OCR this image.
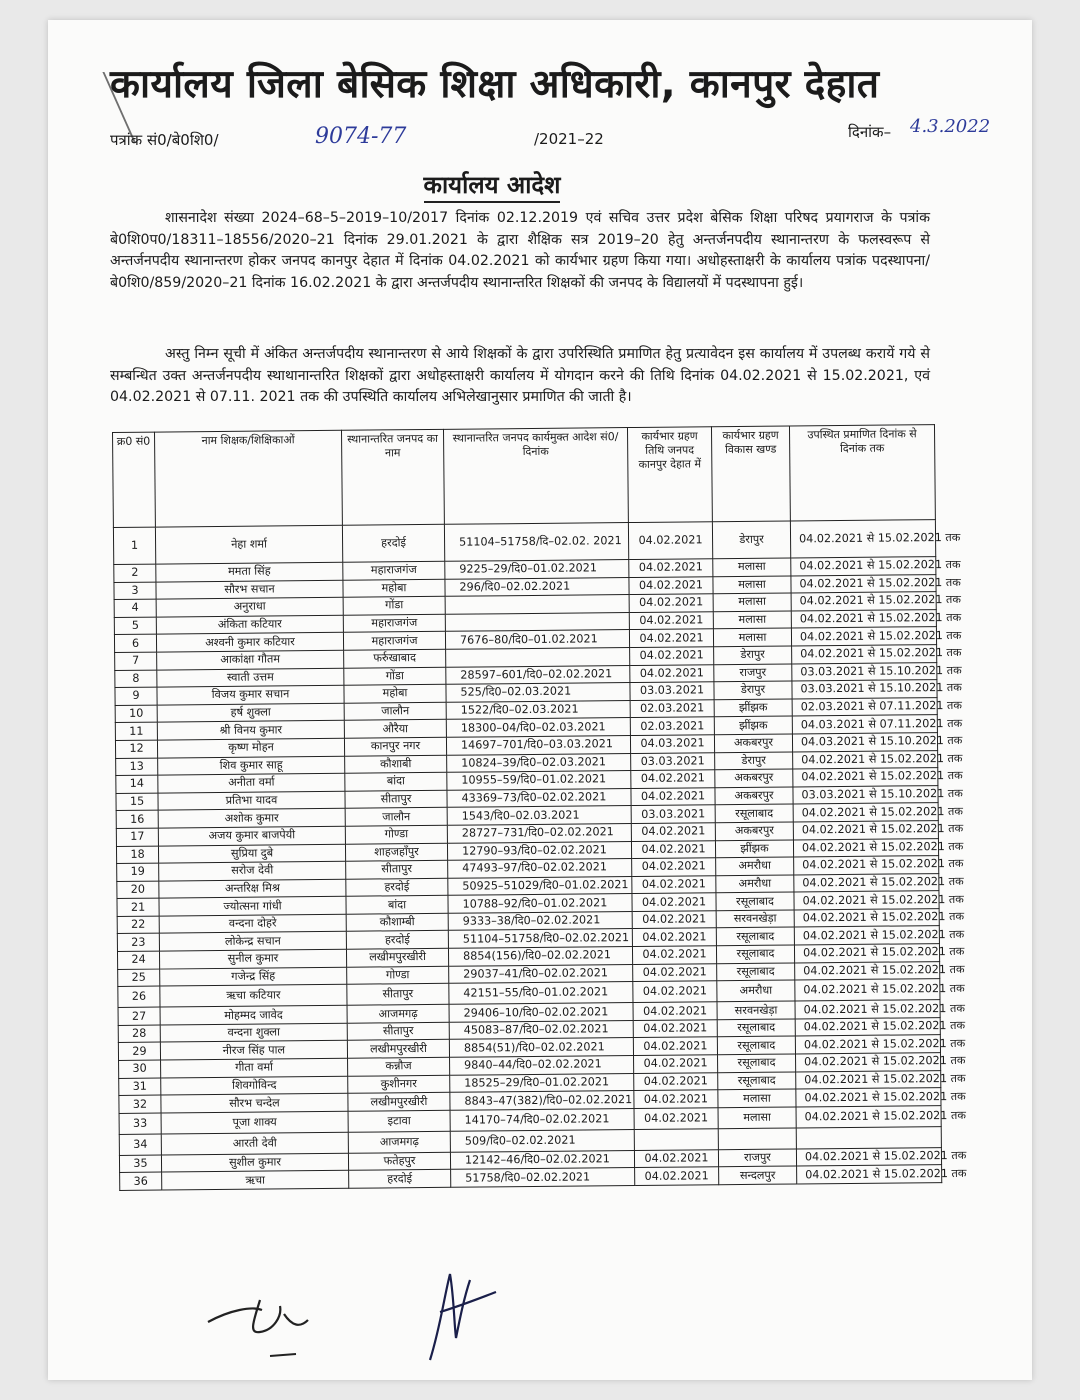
कार्यालय जिला बेसिक शिक्षा अधिकारी, कानपुर देहात
पत्रांक सं0/बे0शि0/	9074-77	/2021–22	दिनांक– 4.3.2022
कार्यालय आदेश
शासनादेश संख्या 2024–68–5–2019–10/2017 दिनांक 02.12.2019 एवं सचिव उत्तर प्रदेश बेसिक शिक्षा परिषद प्रयागराज के पत्रांक बे0शि0प0/18311–18556/2020–21 दिनांक 29.01.2021 के द्वारा शैक्षिक सत्र 2019–20 हेतु अन्तर्जनपदीय स्थानान्तरण के फलस्वरूप से अन्तर्जनपदीय स्थानान्तरण होकर जनपद कानपुर देहात में दिनांक 04.02.2021 को कार्यभार ग्रहण किया गया। अधोहस्ताक्षरी के कार्यालय पत्रांक पदस्थापना/बे0शि0/859/2020–21 दिनांक 16.02.2021 के द्वारा अन्तर्जपदीय स्थानान्तरित शिक्षकों की जनपद के विद्यालयों में पदस्थापना हुई।
अस्तु निम्न सूची में अंकित अन्तर्जपदीय स्थानान्तरण से आये शिक्षकों के द्वारा उपरिस्थिति प्रमाणित हेतु प्रत्यावेदन इस कार्यालय में उपलब्ध करायें गये से सम्बन्धित उक्त अन्तर्जनपदीय स्थाथानान्तरित शिक्षकों द्वारा अधोहस्ताक्षरी कार्यालय में योगदान करने की तिथि दिनांक 04.02.2021 से 15.02.2021, एवं 04.02.2021 से 07.11. 2021 तक की उपस्थिति कार्यालय अभिलेखानुसार प्रमाणित की जाती है।
क्र0 सं0	नाम शिक्षक/शिक्षिकाओं	स्थानान्तरित जनपद का नाम	स्थानान्तरित जनपद कार्यमुक्त आदेश सं0/दिनांक	कार्यभार ग्रहण तिथि जनपद कानपुर देहात में	कार्यभार ग्रहण विकास खण्ड	उपस्थित प्रमाणित दिनांक से दिनांक तक
1	नेहा शर्मा	हरदोई	51104–51758/दि–02.02. 2021	04.02.2021	डेरापुर	04.02.2021 से 15.02.2021 तक
2	ममता सिंह	महाराजगंज	9225–29/दि0–01.02.2021	04.02.2021	मलासा	04.02.2021 से 15.02.2021 तक
3	सौरभ सचान	महोबा	296/दि0–02.02.2021	04.02.2021	मलासा	04.02.2021 से 15.02.2021 तक
4	अनुराधा	गोंडा		04.02.2021	मलासा	04.02.2021 से 15.02.2021 तक
5	अंकिता कटियार	महाराजगंज		04.02.2021	मलासा	04.02.2021 से 15.02.2021 तक
6	अश्वनी कुमार कटियार	महाराजगंज	7676–80/दि0–01.02.2021	04.02.2021	मलासा	04.02.2021 से 15.02.2021 तक
7	आकांक्षा गौतम	फर्रुखाबाद		04.02.2021	डेरापुर	04.02.2021 से 15.02.2021 तक
8	स्वाती उत्तम	गोंडा	28597–601/दि0–02.02.2021	04.02.2021	राजपुर	03.03.2021 से 15.10.2021 तक
9	विजय कुमार सचान	महोबा	525/दि0–02.03.2021	03.03.2021	डेरापुर	03.03.2021 से 15.10.2021 तक
10	हर्ष शुक्ला	जालौन	1522/दि0–02.03.2021	02.03.2021	झींझक	02.03.2021 से 07.11.2021 तक
11	श्री विनय कुमार	औरैया	18300–04/दि0–02.03.2021	02.03.2021	झींझक	04.03.2021 से 07.11.2021 तक
12	कृष्ण मोहन	कानपुर नगर	14697–701/दि0–03.03.2021	04.03.2021	अकबरपुर	04.03.2021 से 15.10.2021 तक
13	शिव कुमार साहू	कौशाबी	10824–39/दि0–02.03.2021	03.03.2021	डेरापुर	04.02.2021 से 15.02.2021 तक
14	अनीता वर्मा	बांदा	10955–59/दि0–01.02.2021	04.02.2021	अकबरपुर	04.02.2021 से 15.02.2021 तक
15	प्रतिभा यादव	सीतापुर	43369–73/दि0–02.02.2021	04.02.2021	अकबरपुर	03.03.2021 से 15.10.2021 तक
16	अशोक कुमार	जालौन	1543/दि0–02.03.2021	03.03.2021	रसूलाबाद	04.02.2021 से 15.02.2021 तक
17	अजय कुमार बाजपेयी	गोण्डा	28727–731/दि0–02.02.2021	04.02.2021	अकबरपुर	04.02.2021 से 15.02.2021 तक
18	सुप्रिया दुबे	शाहजहाँपुर	12790–93/दि0–02.02.2021	04.02.2021	झींझक	04.02.2021 से 15.02.2021 तक
19	सरोज देवी	सीतापुर	47493–97/दि0–02.02.2021	04.02.2021	अमरौधा	04.02.2021 से 15.02.2021 तक
20	अन्तरिक्ष मिश्र	हरदोई	50925–51029/दि0–01.02.2021	04.02.2021	अमरौधा	04.02.2021 से 15.02.2021 तक
21	ज्योत्सना गांधी	बांदा	10788–92/दि0–01.02.2021	04.02.2021	रसूलाबाद	04.02.2021 से 15.02.2021 तक
22	वन्दना दोहरे	कौशाम्बी	9333–38/दि0–02.02.2021	04.02.2021	सरवनखेड़ा	04.02.2021 से 15.02.2021 तक
23	लोकेन्द्र सचान	हरदोई	51104–51758/दि0–02.02.2021	04.02.2021	रसूलाबाद	04.02.2021 से 15.02.2021 तक
24	सुनील कुमार	लखीमपुरखीरी	8854(156)/दि0–02.02.2021	04.02.2021	रसूलाबाद	04.02.2021 से 15.02.2021 तक
25	गजेन्द्र सिंह	गोण्डा	29037–41/दि0–02.02.2021	04.02.2021	रसूलाबाद	04.02.2021 से 15.02.2021 तक
26	ऋचा कटियार	सीतापुर	42151–55/दि0–01.02.2021	04.02.2021	अमरौधा	04.02.2021 से 15.02.2021 तक
27	मोहम्मद जावेद	आजमगढ़	29406–10/दि0–02.02.2021	04.02.2021	सरवनखेड़ा	04.02.2021 से 15.02.2021 तक
28	वन्दना शुक्ला	सीतापुर	45083–87/दि0–02.02.2021	04.02.2021	रसूलाबाद	04.02.2021 से 15.02.2021 तक
29	नीरज सिंह पाल	लखीमपुरखीरी	8854(51)/दि0–02.02.2021	04.02.2021	रसूलाबाद	04.02.2021 से 15.02.2021 तक
30	गीता वर्मा	कन्नौज	9840–44/दि0–02.02.2021	04.02.2021	रसूलाबाद	04.02.2021 से 15.02.2021 तक
31	शिवगोविन्द	कुशीनगर	18525–29/दि0–01.02.2021	04.02.2021	रसूलाबाद	04.02.2021 से 15.02.2021 तक
32	सौरभ चन्देल	लखीमपुरखीरी	8843–47(382)/दि0–02.02.2021	04.02.2021	मलासा	04.02.2021 से 15.02.2021 तक
33	पूजा शाक्य	इटावा	14170–74/दि0–02.02.2021	04.02.2021	मलासा	04.02.2021 से 15.02.2021 तक
34	आरती देवी	आजमगढ़	509/दि0–02.02.2021			
35	सुशील कुमार	फतेहपुर	12142–46/दि0–02.02.2021	04.02.2021	राजपुर	04.02.2021 से 15.02.2021 तक
36	ऋचा	हरदोई	51758/दि0–02.02.2021	04.02.2021	सन्दलपुर	04.02.2021 से 15.02.2021 तक
